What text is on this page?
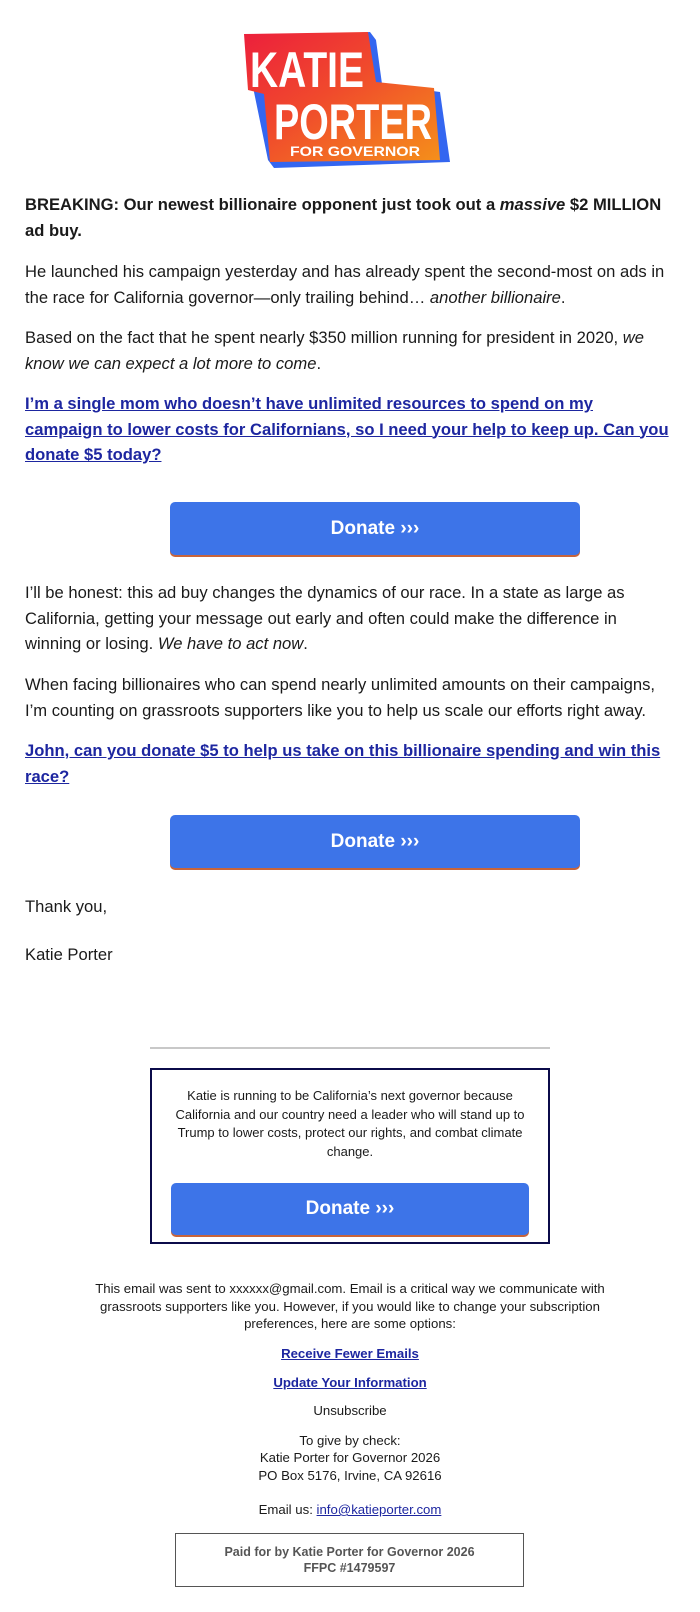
KATIE
PORTER
FOR GOVERNOR

BREAKING: Our newest billionaire opponent just took out a massive $2 MILLION ad buy.

He launched his campaign yesterday and has already spent the second-most on ads in the race for California governor—only trailing behind… another billionaire.

Based on the fact that he spent nearly $350 million running for president in 2020, we know we can expect a lot more to come.

I’m a single mom who doesn’t have unlimited resources to spend on my campaign to lower costs for Californians, so I need your help to keep up. Can you donate $5 today?
Donate ›››

I’ll be honest: this ad buy changes the dynamics of our race. In a state as large as California, getting your message out early and often could make the difference in winning or losing. We have to act now.

When facing billionaires who can spend nearly unlimited amounts on their campaigns, I’m counting on grassroots supporters like you to help us scale our efforts right away.

John, can you donate $5 to help us take on this billionaire spending and win this race?
Donate ›››

Thank you,

Katie Porter

Katie is running to be California’s next governor because California and our country need a leader who will stand up to Trump to lower costs, protect our rights, and combat climate change.

Donate ›››

This email was sent to xxxxxx@gmail.com. Email is a critical way we communicate with grassroots supporters like you. However, if you would like to change your subscription preferences, here are some options:

Receive Fewer Emails

Update Your Information

Unsubscribe

To give by check:

Katie Porter for Governor 2026

PO Box 5176, Irvine, CA 92616

Email us: info@katieporter.com

Paid for by Katie Porter for Governor 2026
FFPC #1479597
